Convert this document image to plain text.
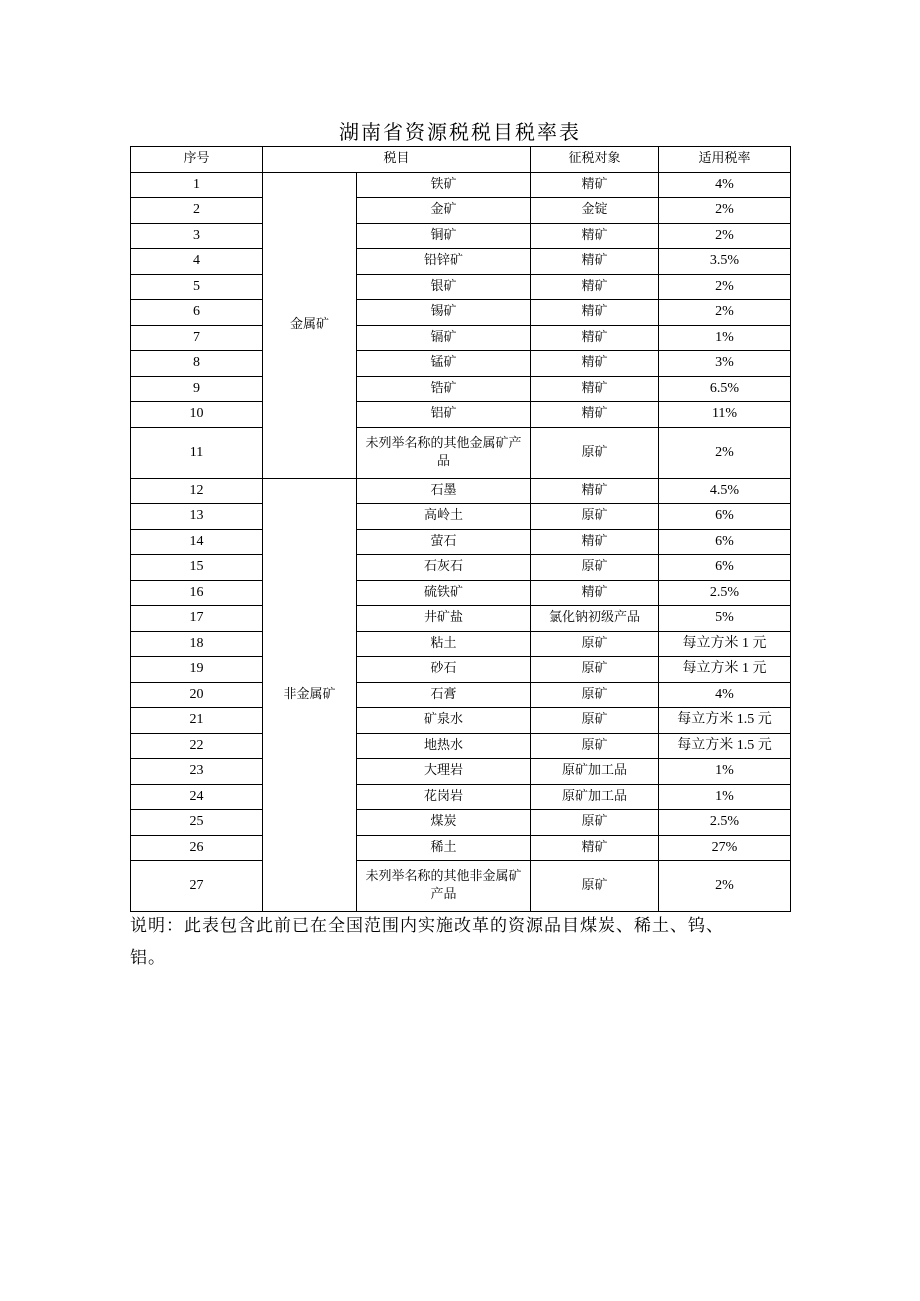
湖南省资源税税目税率表
序号	税目		征税对象	适用税率
1	金属矿	铁矿	精矿	4%
2		金矿	金锭	2%
3		铜矿	精矿	2%
4		铅锌矿	精矿	3.5%
5		银矿	精矿	2%
6		锡矿	精矿	2%
7		镉矿	精矿	1%
8		锰矿	精矿	3%
9		锆矿	精矿	6.5%
10		铝矿	精矿	11%
11		未列举名称的其他金属矿产品	原矿	2%
12	非金属矿	石墨	精矿	4.5%
13		高岭土	原矿	6%
14		萤石	精矿	6%
15		石灰石	原矿	6%
16		硫铁矿	精矿	2.5%
17		井矿盐	氯化钠初级产品	5%
18		粘土	原矿	每立方米 1 元
19		砂石	原矿	每立方米 1 元
20		石膏	原矿	4%
21		矿泉水	原矿	每立方米 1.5 元
22		地热水	原矿	每立方米 1.5 元
23		大理岩	原矿加工品	1%
24		花岗岩	原矿加工品	1%
25		煤炭	原矿	2.5%
26		稀土	精矿	27%
27		未列举名称的其他非金属矿产品	原矿	2%
说明：此表包含此前已在全国范围内实施改革的资源品目煤炭、稀土、钨、铝。
